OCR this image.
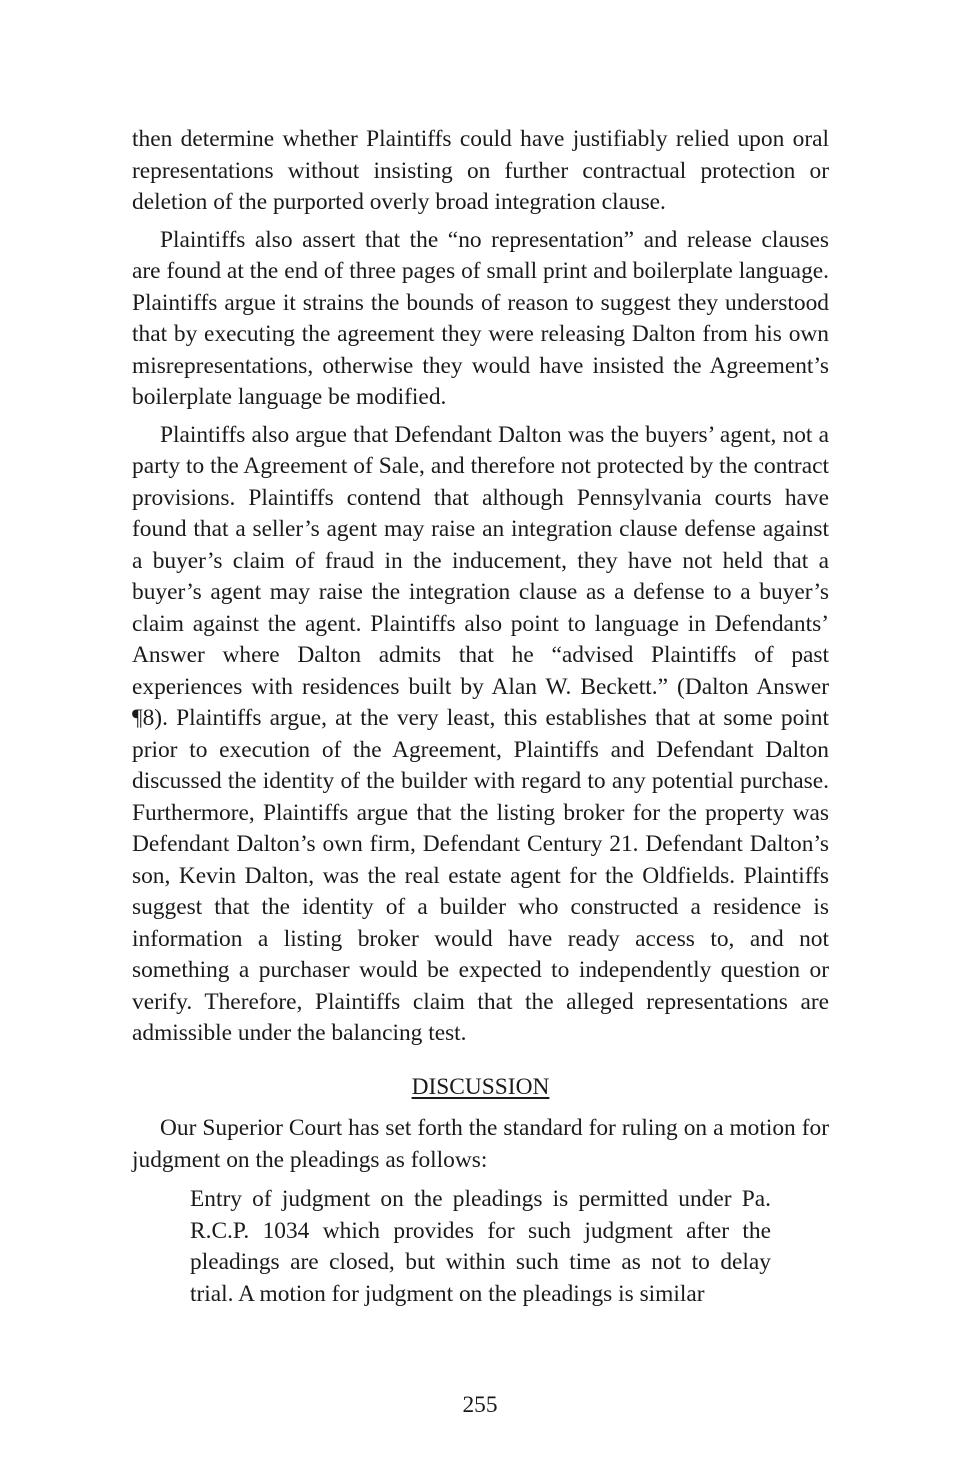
then determine whether Plaintiffs could have justifiably relied upon oral representations without insisting on further contractual protection or deletion of the purported overly broad integration clause.

Plaintiffs also assert that the “no representation” and release clauses are found at the end of three pages of small print and boilerplate language. Plaintiffs argue it strains the bounds of reason to suggest they understood that by executing the agreement they were releasing Dalton from his own misrepresentations, otherwise they would have insisted the Agreement’s boilerplate language be modified.

Plaintiffs also argue that Defendant Dalton was the buyers’ agent, not a party to the Agreement of Sale, and therefore not protected by the contract provisions. Plaintiffs contend that although Pennsylvania courts have found that a seller’s agent may raise an integration clause defense against a buyer’s claim of fraud in the inducement, they have not held that a buyer’s agent may raise the integration clause as a defense to a buyer’s claim against the agent. Plaintiffs also point to language in Defendants’ Answer where Dalton admits that he “advised Plaintiffs of past experiences with residences built by Alan W. Beckett.” (Dalton Answer ¶8). Plaintiffs argue, at the very least, this establishes that at some point prior to execution of the Agreement, Plaintiffs and Defendant Dalton discussed the identity of the builder with regard to any potential purchase. Furthermore, Plaintiffs argue that the listing broker for the property was Defendant Dalton’s own firm, Defendant Century 21. Defendant Dalton’s son, Kevin Dalton, was the real estate agent for the Oldfields. Plaintiffs suggest that the identity of a builder who constructed a residence is information a listing broker would have ready access to, and not something a purchaser would be expected to independently question or verify. Therefore, Plaintiffs claim that the alleged representations are admissible under the balancing test.

DISCUSSION

Our Superior Court has set forth the standard for ruling on a motion for judgment on the pleadings as follows:

Entry of judgment on the pleadings is permitted under Pa. R.C.P. 1034 which provides for such judgment after the pleadings are closed, but within such time as not to delay trial. A motion for judgment on the pleadings is similar
255
